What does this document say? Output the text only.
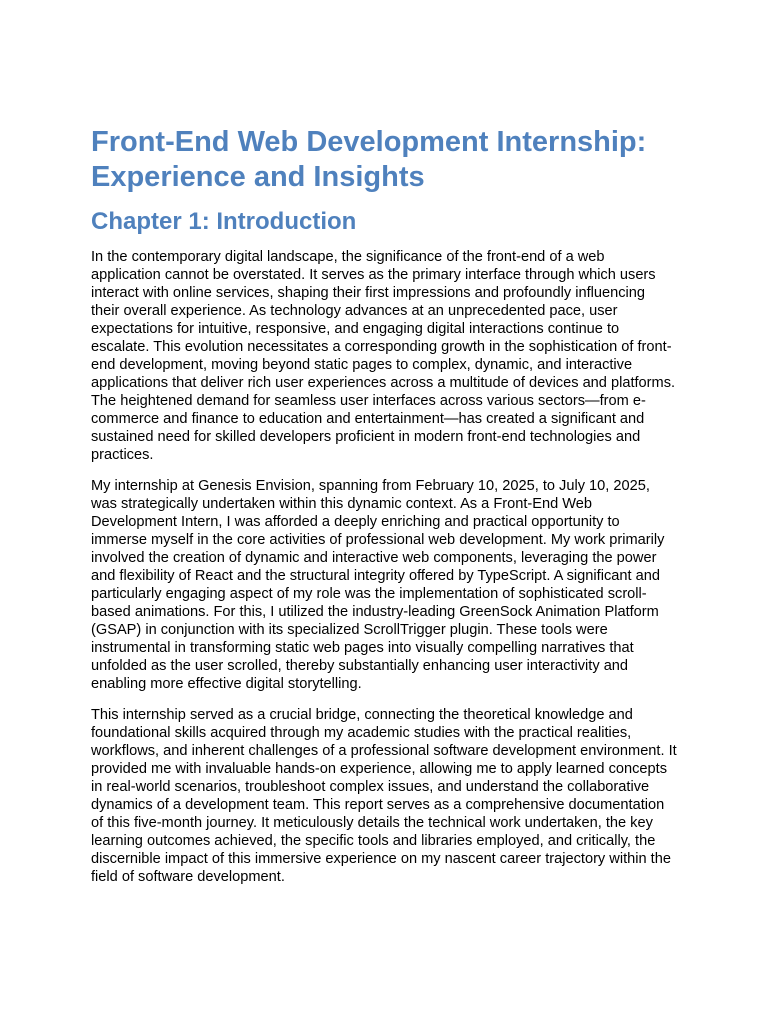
Front-End Web Development Internship: Experience and Insights
Chapter 1: Introduction

In the contemporary digital landscape, the significance of the front-end of a web application cannot be overstated. It serves as the primary interface through which users interact with online services, shaping their first impressions and profoundly influencing their overall experience. As technology advances at an unprecedented pace, user expectations for intuitive, responsive, and engaging digital interactions continue to escalate. This evolution necessitates a corresponding growth in the sophistication of front-end development, moving beyond static pages to complex, dynamic, and interactive applications that deliver rich user experiences across a multitude of devices and platforms. The heightened demand for seamless user interfaces across various sectors—from e-commerce and finance to education and entertainment—has created a significant and sustained need for skilled developers proficient in modern front-end technologies and practices.

My internship at Genesis Envision, spanning from February 10, 2025, to July 10, 2025, was strategically undertaken within this dynamic context. As a Front-End Web Development Intern, I was afforded a deeply enriching and practical opportunity to immerse myself in the core activities of professional web development. My work primarily involved the creation of dynamic and interactive web components, leveraging the power and flexibility of React and the structural integrity offered by TypeScript. A significant and particularly engaging aspect of my role was the implementation of sophisticated scroll-based animations. For this, I utilized the industry-leading GreenSock Animation Platform (GSAP) in conjunction with its specialized ScrollTrigger plugin. These tools were instrumental in transforming static web pages into visually compelling narratives that unfolded as the user scrolled, thereby substantially enhancing user interactivity and enabling more effective digital storytelling.

This internship served as a crucial bridge, connecting the theoretical knowledge and foundational skills acquired through my academic studies with the practical realities, workflows, and inherent challenges of a professional software development environment. It provided me with invaluable hands-on experience, allowing me to apply learned concepts in real-world scenarios, troubleshoot complex issues, and understand the collaborative dynamics of a development team. This report serves as a comprehensive documentation of this five-month journey. It meticulously details the technical work undertaken, the key learning outcomes achieved, the specific tools and libraries employed, and critically, the discernible impact of this immersive experience on my nascent career trajectory within the field of software development.
